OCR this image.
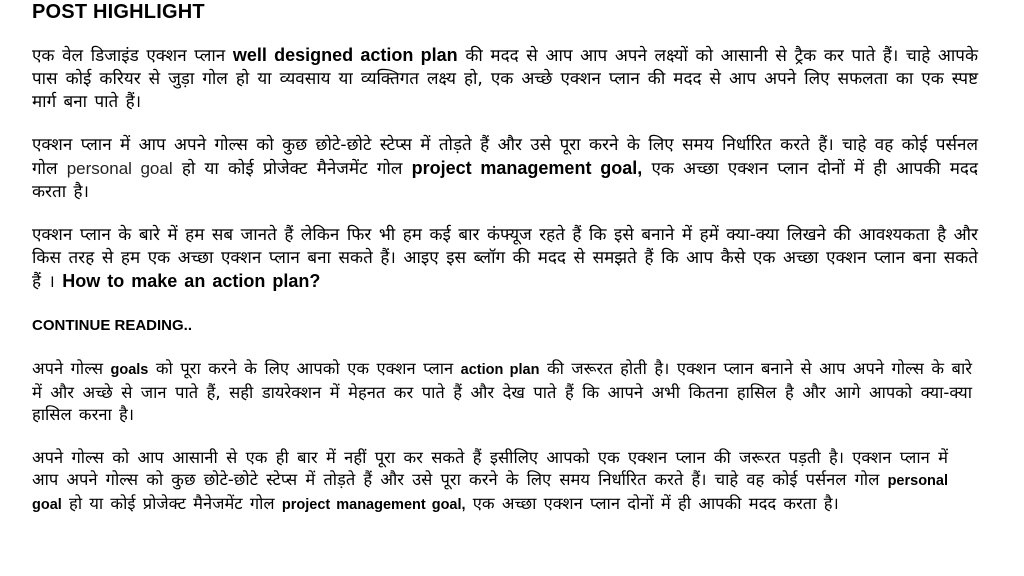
POST HIGHLIGHT

एक वेल डिजाइंड एक्शन प्लान well designed action plan की मदद से आप आप अपने लक्ष्यों को आसानी से ट्रैक कर पाते हैं। चाहे आपके पास कोई करियर से जुड़ा गोल हो या व्यवसाय या व्यक्तिगत लक्ष्य हो, एक अच्छे एक्शन प्लान की मदद से आप अपने लिए सफलता का एक स्पष्ट मार्ग बना पाते हैं।

एक्शन प्लान में आप अपने गोल्स को कुछ छोटे-छोटे स्टेप्स में तोड़ते हैं और उसे पूरा करने के लिए समय निर्धारित करते हैं। चाहे वह कोई पर्सनल गोल personal goal हो या कोई प्रोजेक्ट मैनेजमेंट गोल project management goal, एक अच्छा एक्शन प्लान दोनों में ही आपकी मदद करता है।

एक्शन प्लान के बारे में हम सब जानते हैं लेकिन फिर भी हम कई बार कंफ्यूज रहते हैं कि इसे बनाने में हमें क्या-क्या लिखने की आवश्यकता है और किस तरह से हम एक अच्छा एक्शन प्लान बना सकते हैं। आइए इस ब्लॉग की मदद से समझते हैं कि आप कैसे एक अच्छा एक्शन प्लान बना सकते हैं । How to make an action plan?

CONTINUE READING..

अपने गोल्स goals को पूरा करने के लिए आपको एक एक्शन प्लान action plan की जरूरत होती है। एक्शन प्लान बनाने से आप अपने गोल्स के बारे में और अच्छे से जान पाते हैं, सही डायरेक्शन में मेहनत कर पाते हैं और देख पाते हैं कि आपने अभी कितना हासिल है और आगे आपको क्या-क्या हासिल करना है।

अपने गोल्स को आप आसानी से एक ही बार में नहीं पूरा कर सकते हैं इसीलिए आपको एक एक्शन प्लान की जरूरत पड़ती है। एक्शन प्लान में आप अपने गोल्स को कुछ छोटे-छोटे स्टेप्स में तोड़ते हैं और उसे पूरा करने के लिए समय निर्धारित करते हैं। चाहे वह कोई पर्सनल गोल personal goal हो या कोई प्रोजेक्ट मैनेजमेंट गोल project management goal, एक अच्छा एक्शन प्लान दोनों में ही आपकी मदद करता है।
